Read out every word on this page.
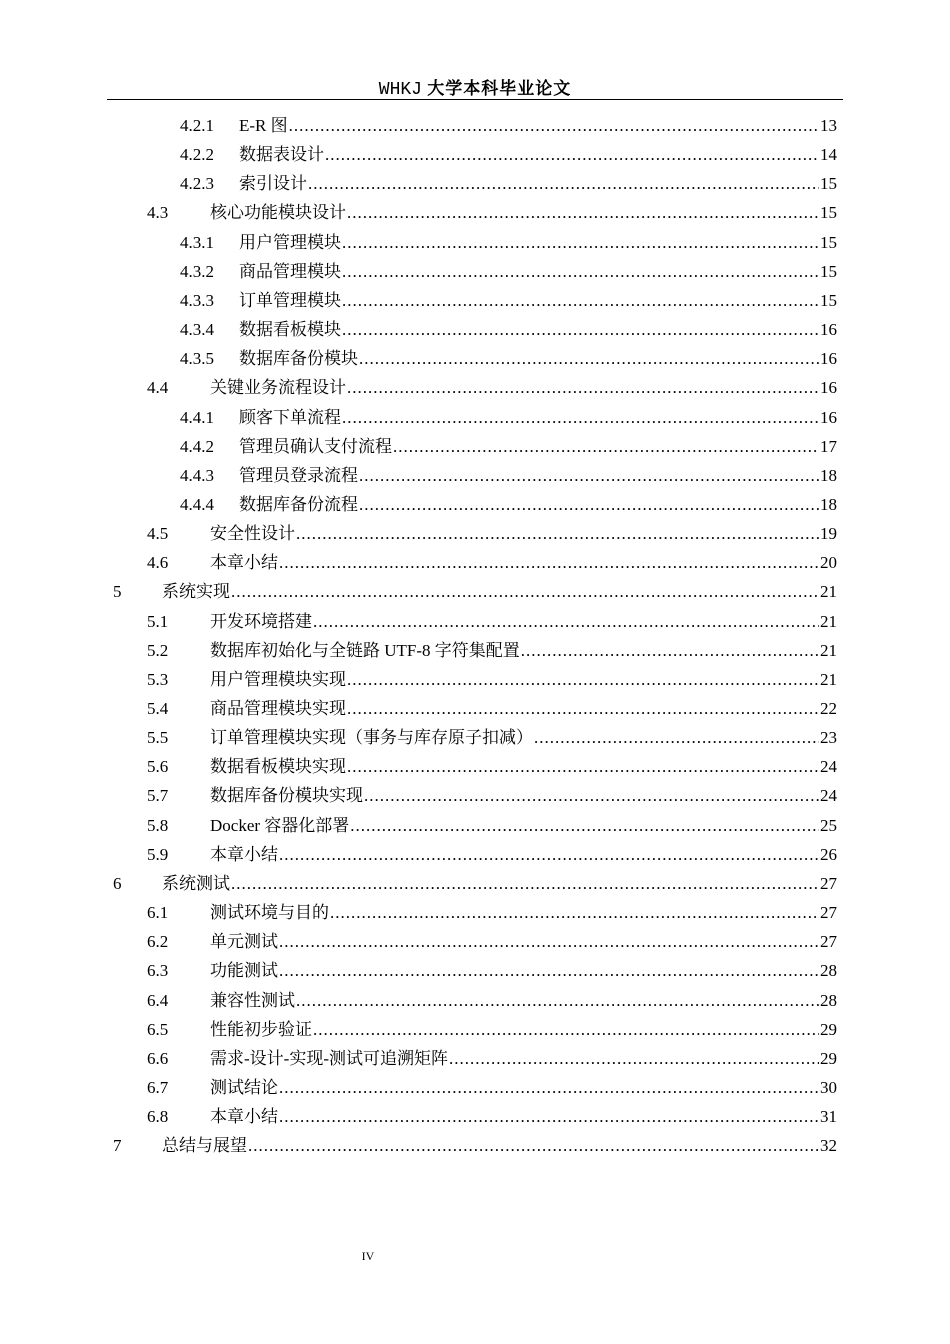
WHKJ 大学本科毕业论文
4.2.1	E-R 图 .....	13
4.2.2	数据表设计 .....	14
4.2.3	索引设计 .....	15
4.3	核心功能模块设计 .....	15
4.3.1	用户管理模块 .....	15
4.3.2	商品管理模块 .....	15
4.3.3	订单管理模块 .....	15
4.3.4	数据看板模块 .....	16
4.3.5	数据库备份模块 .....	16
4.4	关键业务流程设计 .....	16
4.4.1	顾客下单流程 .....	16
4.4.2	管理员确认支付流程 .....	17
4.4.3	管理员登录流程 .....	18
4.4.4	数据库备份流程 .....	18
4.5	安全性设计 .....	19
4.6	本章小结 .....	20
5	系统实现 .....	21
5.1	开发环境搭建 .....	21
5.2	数据库初始化与全链路 UTF-8 字符集配置 .....	21
5.3	用户管理模块实现 .....	21
5.4	商品管理模块实现 .....	22
5.5	订单管理模块实现（事务与库存原子扣减） .....	23
5.6	数据看板模块实现 .....	24
5.7	数据库备份模块实现 .....	24
5.8	Docker 容器化部署 .....	25
5.9	本章小结 .....	26
6	系统测试 .....	27
6.1	测试环境与目的 .....	27
6.2	单元测试 .....	27
6.3	功能测试 .....	28
6.4	兼容性测试 .....	28
6.5	性能初步验证 .....	29
6.6	需求-设计-实现-测试可追溯矩阵 .....	29
6.7	测试结论 .....	30
6.8	本章小结 .....	31
7	总结与展望 .....	32
IV
